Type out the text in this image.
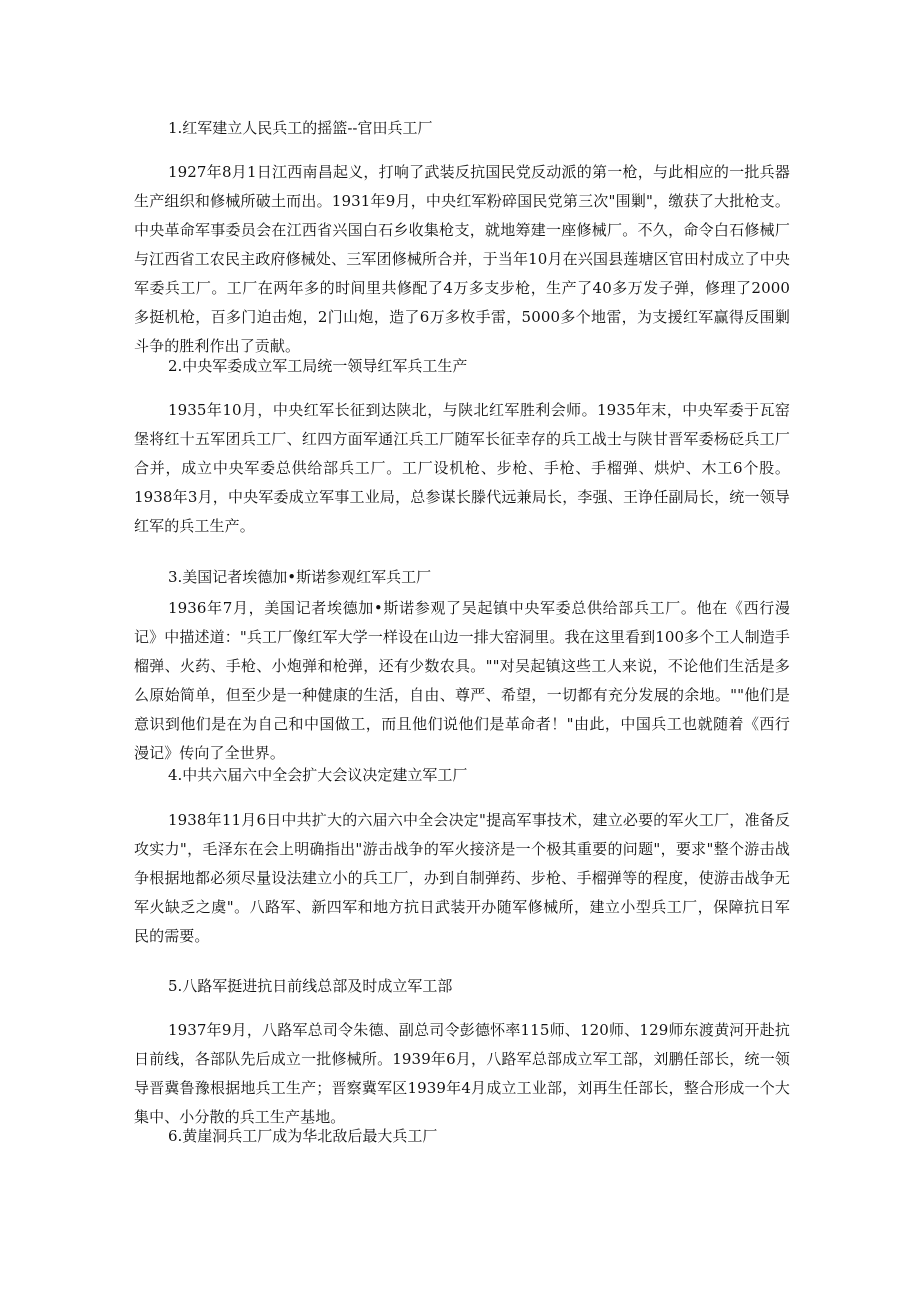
1.红军建立人民兵工的摇篮--官田兵工厂
1927年8月1日江西南昌起义，打响了武装反抗国民党反动派的第一枪，与此相应的一批兵器生产组织和修械所破土而出。1931年9月，中央红军粉碎国民党第三次"围剿"，缴获了大批枪支。中央革命军事委员会在江西省兴国白石乡收集枪支，就地筹建一座修械厂。不久，命令白石修械厂与江西省工农民主政府修械处、三军团修械所合并，于当年10月在兴国县莲塘区官田村成立了中央军委兵工厂。工厂在两年多的时间里共修配了4万多支步枪，生产了40多万发子弹，修理了2000多挺机枪，百多门迫击炮，2门山炮，造了6万多枚手雷，5000多个地雷，为支援红军赢得反围剿斗争的胜利作出了贡献。
2.中央军委成立军工局统一领导红军兵工生产
1935年10月，中央红军长征到达陕北，与陕北红军胜利会师。1935年末，中央军委于瓦窑堡将红十五军团兵工厂、红四方面军通江兵工厂随军长征幸存的兵工战士与陕甘晋军委杨砭兵工厂合并，成立中央军委总供给部兵工厂。工厂设机枪、步枪、手枪、手榴弹、烘炉、木工6个股。1938年3月，中央军委成立军事工业局，总参谋长滕代远兼局长，李强、王诤任副局长，统一领导红军的兵工生产。
3.美国记者埃德加•斯诺参观红军兵工厂
1936年7月，美国记者埃德加•斯诺参观了吴起镇中央军委总供给部兵工厂。他在《西行漫记》中描述道："兵工厂像红军大学一样设在山边一排大窑洞里。我在这里看到100多个工人制造手榴弹、火药、手枪、小炮弹和枪弹，还有少数农具。""对吴起镇这些工人来说，不论他们生活是多么原始简单，但至少是一种健康的生活，自由、尊严、希望，一切都有充分发展的余地。""他们是意识到他们是在为自己和中国做工，而且他们说他们是革命者！"由此，中国兵工也就随着《西行漫记》传向了全世界。
4.中共六届六中全会扩大会议决定建立军工厂
1938年11月6日中共扩大的六届六中全会决定"提高军事技术，建立必要的军火工厂，准备反攻实力"，毛泽东在会上明确指出"游击战争的军火接济是一个极其重要的问题"，要求"整个游击战争根据地都必须尽量设法建立小的兵工厂，办到自制弹药、步枪、手榴弹等的程度，使游击战争无军火缺乏之虞"。八路军、新四军和地方抗日武装开办随军修械所，建立小型兵工厂，保障抗日军民的需要。
5.八路军挺进抗日前线总部及时成立军工部
1937年9月，八路军总司令朱德、副总司令彭德怀率115师、120师、129师东渡黄河开赴抗日前线，各部队先后成立一批修械所。1939年6月，八路军总部成立军工部，刘鹏任部长，统一领导晋冀鲁豫根据地兵工生产；晋察冀军区1939年4月成立工业部，刘再生任部长，整合形成一个大集中、小分散的兵工生产基地。
6.黄崖洞兵工厂成为华北敌后最大兵工厂
